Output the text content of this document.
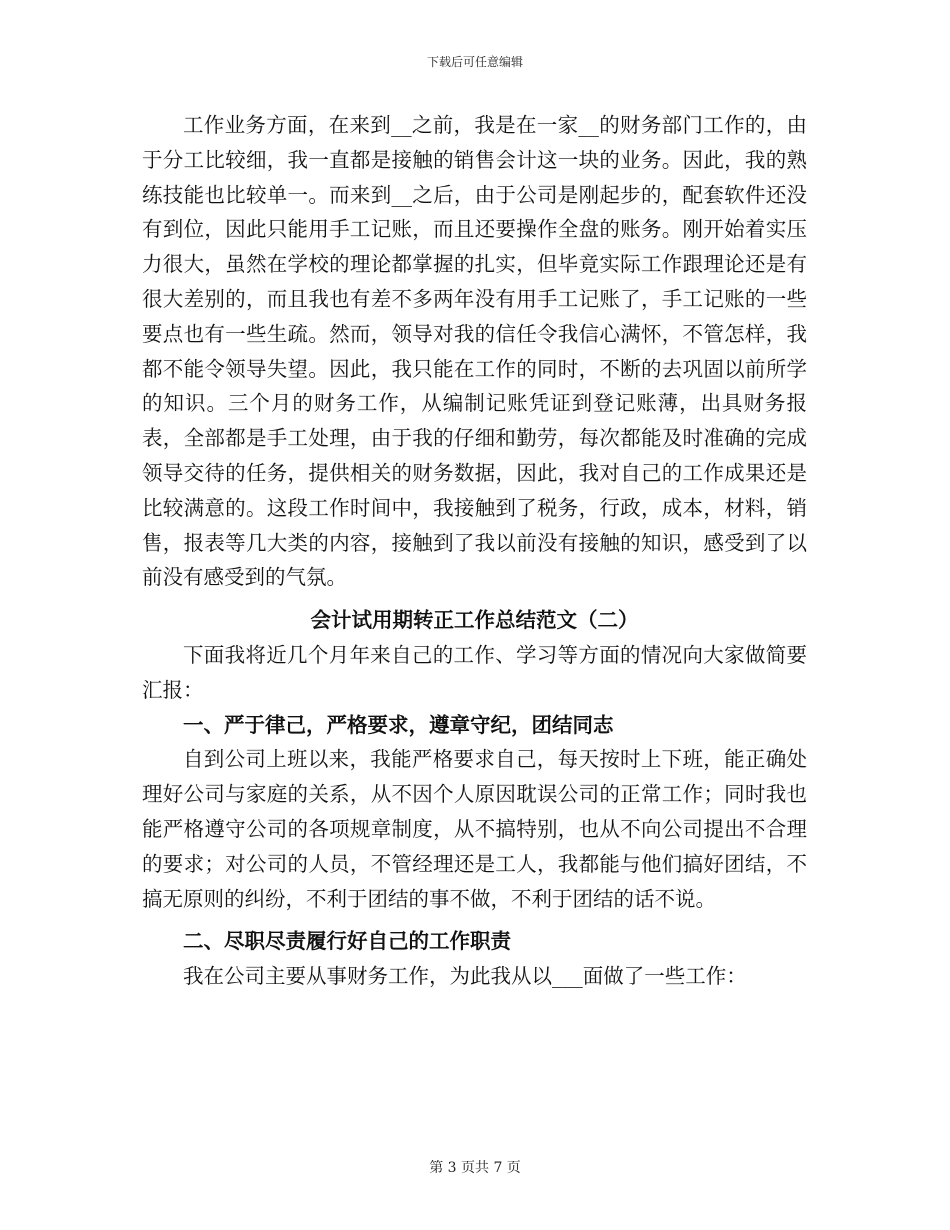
下载后可任意编辑

工作业务方面，在来到__之前，我是在一家__的财务部门工作的，由于分工比较细，我一直都是接触的销售会计这一块的业务。因此，我的熟练技能也比较单一。而来到__之后，由于公司是刚起步的，配套软件还没有到位，因此只能用手工记账，而且还要操作全盘的账务。刚开始着实压力很大，虽然在学校的理论都掌握的扎实，但毕竟实际工作跟理论还是有很大差别的，而且我也有差不多两年没有用手工记账了，手工记账的一些要点也有一些生疏。然而，领导对我的信任令我信心满怀，不管怎样，我都不能令领导失望。因此，我只能在工作的同时，不断的去巩固以前所学的知识。三个月的财务工作，从编制记账凭证到登记账薄，出具财务报表，全部都是手工处理，由于我的仔细和勤劳，每次都能及时准确的完成领导交待的任务，提供相关的财务数据，因此，我对自己的工作成果还是比较满意的。这段工作时间中，我接触到了税务，行政，成本，材料，销售，报表等几大类的内容，接触到了我以前没有接触的知识，感受到了以前没有感受到的气氛。

会计试用期转正工作总结范文（二）

下面我将近几个月年来自己的工作、学习等方面的情况向大家做简要汇报：

一、严于律己，严格要求，遵章守纪，团结同志

自到公司上班以来，我能严格要求自己，每天按时上下班，能正确处理好公司与家庭的关系，从不因个人原因耽误公司的正常工作；同时我也能严格遵守公司的各项规章制度，从不搞特别，也从不向公司提出不合理的要求；对公司的人员，不管经理还是工人，我都能与他们搞好团结，不搞无原则的纠纷，不利于团结的事不做，不利于团结的话不说。

二、尽职尽责履行好自己的工作职责

我在公司主要从事财务工作，为此我从以___面做了一些工作：

第 3 页共 7 页
